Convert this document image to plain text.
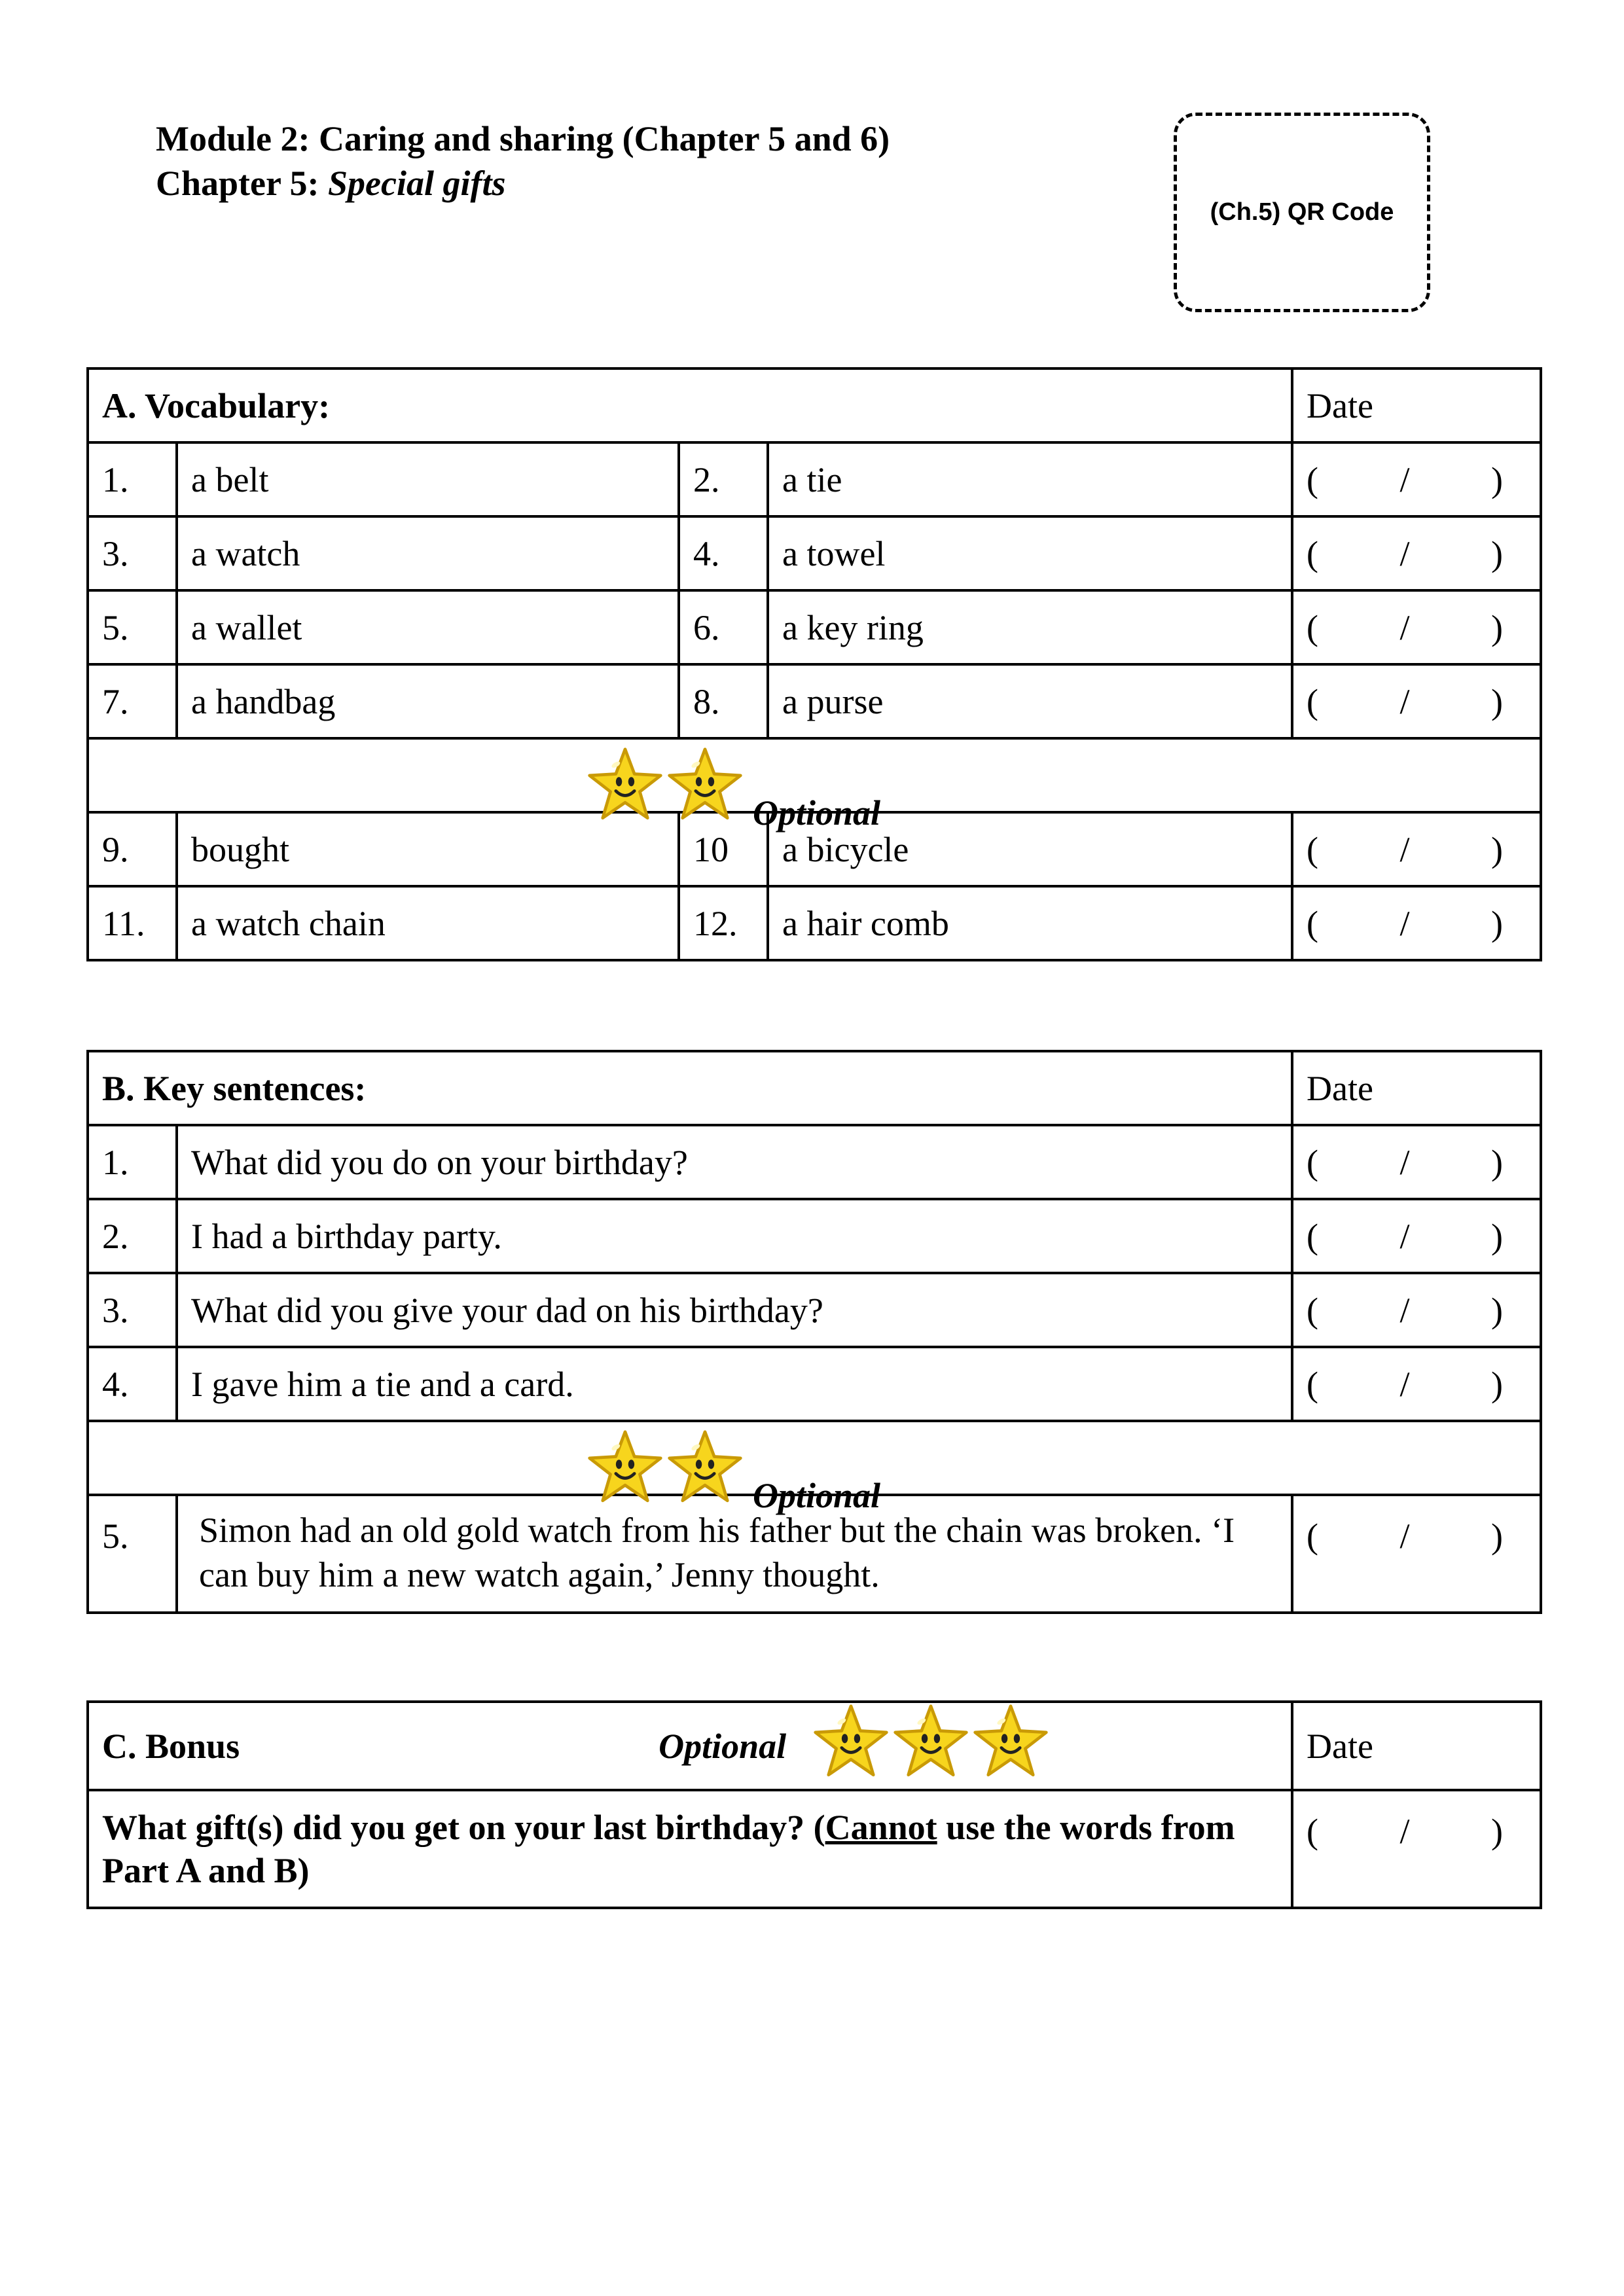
Module 2: Caring and sharing (Chapter 5 and 6)
Chapter 5: Special gifts
(Ch.5) QR Code
A. Vocabulary:				Date
1.	a belt	2.	a tie	( / )

3.	a watch	4.	a towel	( / )

5.	a wallet	6.	a key ring	( / )

7.	a handbag	8.	a purse	( / )

Optional				

9.	bought	10	a bicycle	( / )

11.	a watch chain	12.	a hair comb	( / )
B. Key sentences:		Date
1.	What did you do on your birthday?	( / )

2.	I had a birthday party.	( / )

3.	What did you give your dad on his birthday?	( / )

4.	I gave him a tie and a card.	( / )

Optional		

5.	Simon had an old gold watch from his father but the chain was broken. ‘I can buy him a new watch again,’ Jenny thought.	( / )
C. Bonus Optional	Date
What gift(s) did you get on your last birthday? (Cannot use the words from Part A and B)	( / )
